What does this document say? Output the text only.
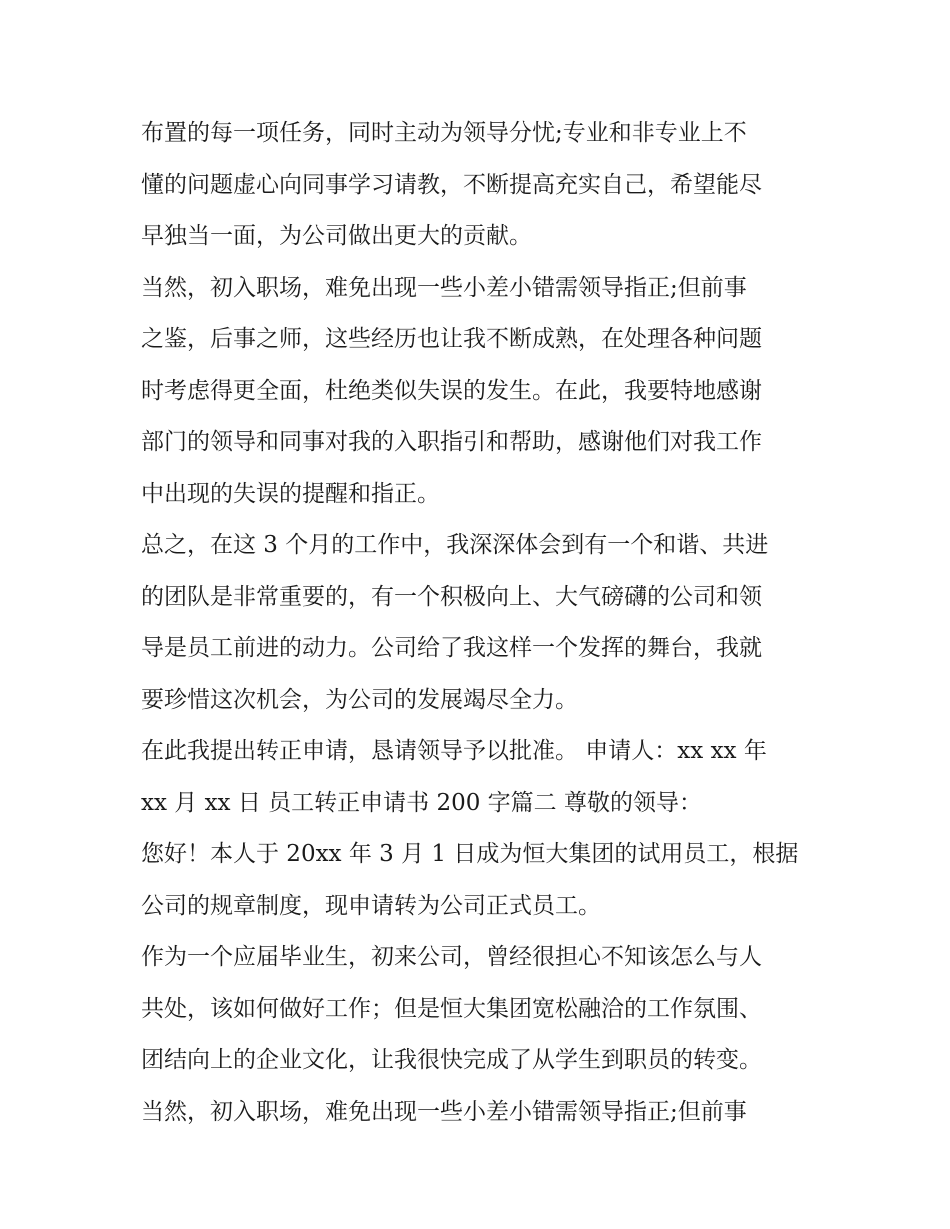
布置的每一项任务，同时主动为领导分忧;专业和非专业上不
懂的问题虚心向同事学习请教，不断提高充实自己，希望能尽
早独当一面，为公司做出更大的贡献。
当然，初入职场，难免出现一些小差小错需领导指正;但前事
之鉴，后事之师，这些经历也让我不断成熟，在处理各种问题
时考虑得更全面，杜绝类似失误的发生。在此，我要特地感谢
部门的领导和同事对我的入职指引和帮助，感谢他们对我工作
中出现的失误的提醒和指正。
总之，在这 3 个月的工作中，我深深体会到有一个和谐、共进
的团队是非常重要的，有一个积极向上、大气磅礴的公司和领
导是员工前进的动力。公司给了我这样一个发挥的舞台，我就
要珍惜这次机会，为公司的发展竭尽全力。
在此我提出转正申请，恳请领导予以批准。 申请人：xx xx 年
xx 月 xx 日 员工转正申请书 200 字篇二 尊敬的领导：
您好！本人于 20xx 年 3 月 1 日成为恒大集团的试用员工，根据
公司的规章制度，现申请转为公司正式员工。
作为一个应届毕业生，初来公司，曾经很担心不知该怎么与人
共处，该如何做好工作；但是恒大集团宽松融洽的工作氛围、
团结向上的企业文化，让我很快完成了从学生到职员的转变。
当然，初入职场，难免出现一些小差小错需领导指正;但前事
